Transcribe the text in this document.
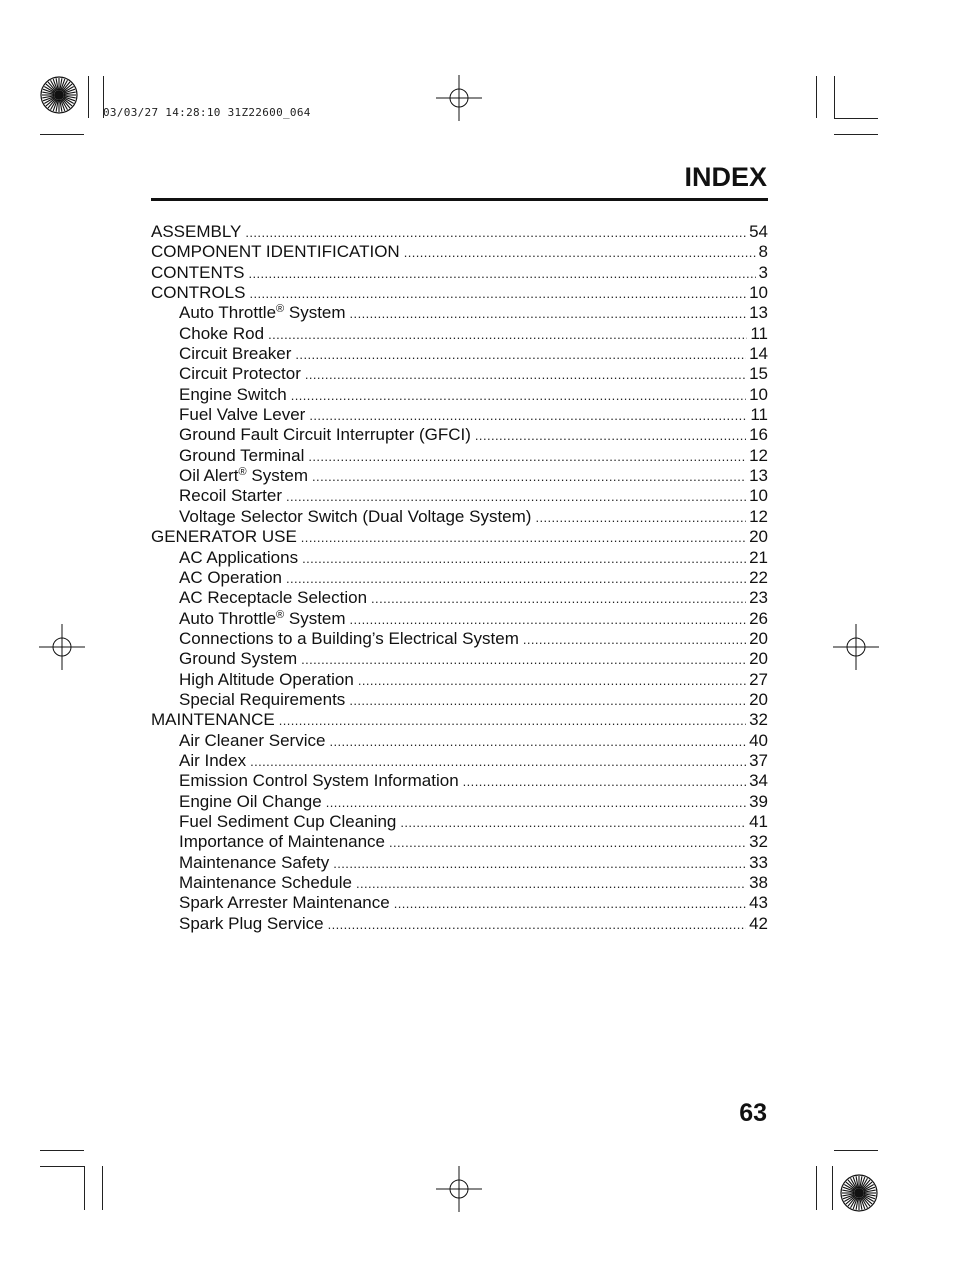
03/03/27 14:28:10 31Z22600_064
INDEX
ASSEMBLY .....	54
COMPONENT IDENTIFICATION .....	8
CONTENTS .....	3
CONTROLS .....	10
Auto Throttle® System .....	13
Choke Rod .....	11
Circuit Breaker .....	14
Circuit Protector .....	15
Engine Switch .....	10
Fuel Valve Lever .....	11
Ground Fault Circuit Interrupter (GFCI) .....	16
Ground Terminal .....	12
Oil Alert® System .....	13
Recoil Starter .....	10
Voltage Selector Switch (Dual Voltage System) .....	12
GENERATOR USE .....	20
AC Applications .....	21
AC Operation .....	22
AC Receptacle Selection .....	23
Auto Throttle® System .....	26
Connections to a Building’s Electrical System .....	20
Ground System .....	20
High Altitude Operation .....	27
Special Requirements .....	20
MAINTENANCE .....	32
Air Cleaner Service .....	40
Air Index .....	37
Emission Control System Information .....	34
Engine Oil Change .....	39
Fuel Sediment Cup Cleaning .....	41
Importance of Maintenance .....	32
Maintenance Safety .....	33
Maintenance Schedule .....	38
Spark Arrester Maintenance .....	43
Spark Plug Service .....	42
63
